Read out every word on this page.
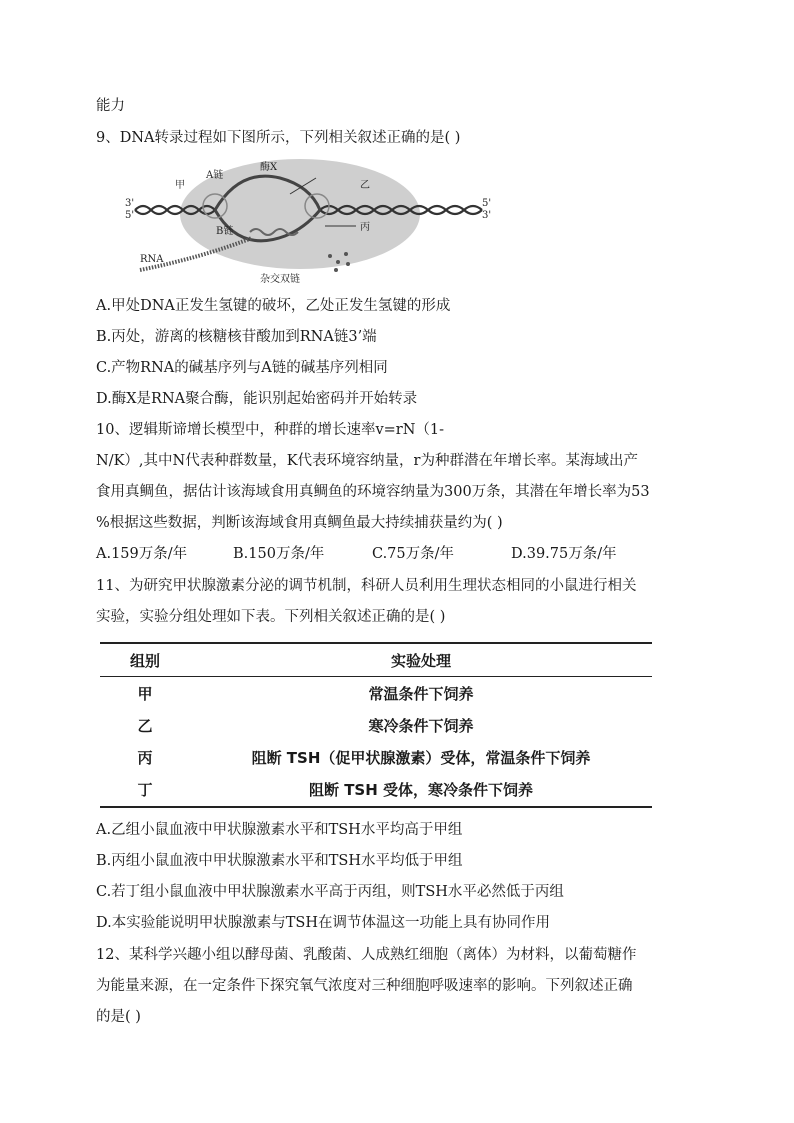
能力
9、DNA转录过程如下图所示，下列相关叙述正确的是( )
甲
A链
酶X
乙
B链	丙
RNA
杂交双链
3'
5'
5'
3'
A.甲处DNA正发生氢键的破坏，乙处正发生氢键的形成
B.丙处，游离的核糖核苷酸加到RNA链3’端
C.产物RNA的碱基序列与A链的碱基序列相同
D.酶X是RNA聚合酶，能识别起始密码并开始转录
10、逻辑斯谛增长模型中，种群的增长速率v=rN（1-
N/K）,其中N代表种群数量，K代表环境容纳量，r为种群潜在年增长率。某海域出产
食用真鲷鱼，据估计该海域食用真鲷鱼的环境容纳量为300万条，其潜在年增长率为53
%根据这些数据，判断该海域食用真鲷鱼最大持续捕获量约为( )
A.159万条/年	B.150万条/年	C.75万条/年	D.39.75万条/年
11、为研究甲状腺激素分泌的调节机制，科研人员利用生理状态相同的小鼠进行相关
实验，实验分组处理如下表。下列相关叙述正确的是( )
组别	实验处理
甲	常温条件下饲养
乙	寒冷条件下饲养
丙	阻断 TSH（促甲状腺激素）受体，常温条件下饲养
丁	阻断 TSH 受体，寒冷条件下饲养
A.乙组小鼠血液中甲状腺激素水平和TSH水平均高于甲组
B.丙组小鼠血液中甲状腺激素水平和TSH水平均低于甲组
C.若丁组小鼠血液中甲状腺激素水平高于丙组，则TSH水平必然低于丙组
D.本实验能说明甲状腺激素与TSH在调节体温这一功能上具有协同作用
12、某科学兴趣小组以酵母菌、乳酸菌、人成熟红细胞（离体）为材料，以葡萄糖作
为能量来源，在一定条件下探究氧气浓度对三种细胞呼吸速率的影响。下列叙述正确
的是( )
